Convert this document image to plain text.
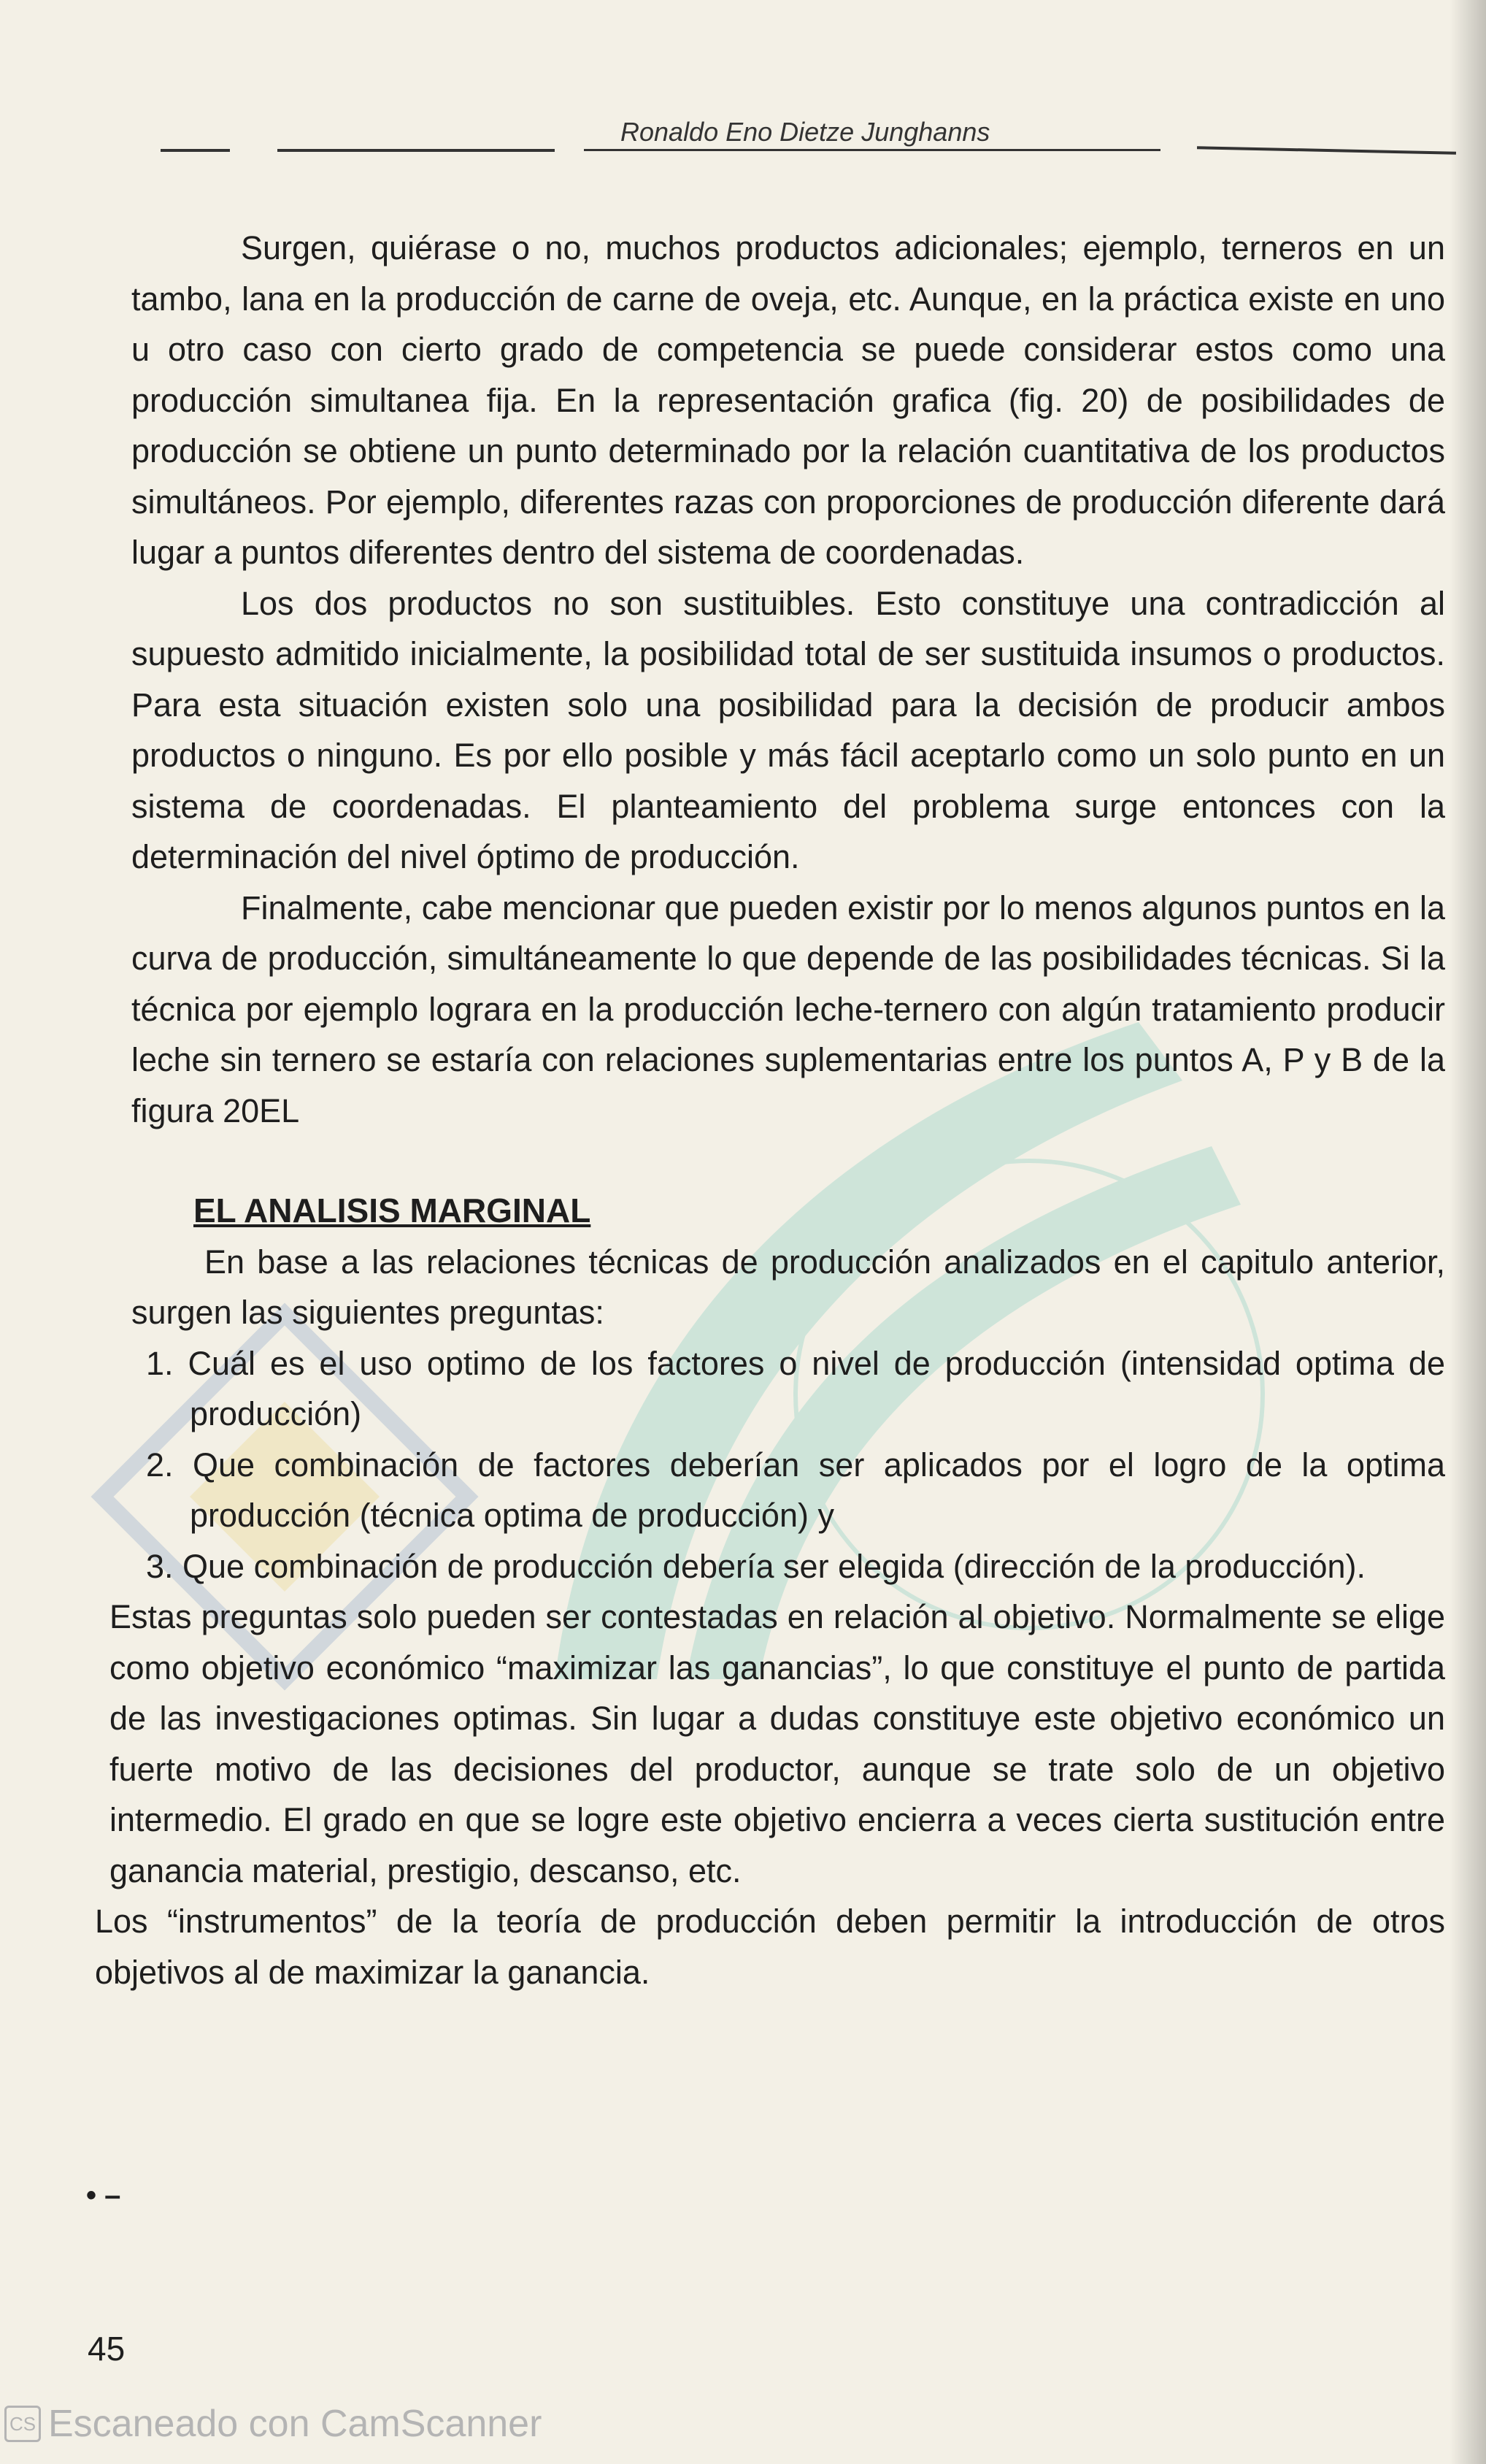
Ronaldo Eno Dietze Junghanns

Surgen, quiérase o no, muchos productos adicionales; ejemplo, terneros en un tambo, lana en la producción de carne de oveja, etc. Aunque, en la práctica existe en uno u otro caso con cierto grado de competencia se puede considerar estos como una producción simultanea fija. En la representación grafica (fig. 20) de posibilidades de producción se obtiene un punto determinado por la relación cuantitativa de los productos simultáneos. Por ejemplo, diferentes razas con proporciones de producción diferente dará lugar a puntos diferentes dentro del sistema de coordenadas.

Los dos productos no son sustituibles. Esto constituye una contradicción al supuesto admitido inicialmente, la posibilidad total de ser sustituida insumos o productos. Para esta situación existen solo una posibilidad para la decisión de producir ambos productos o ninguno. Es por ello posible y más fácil aceptarlo como un solo punto en un sistema de coordenadas. El planteamiento del problema surge entonces con la determinación del nivel óptimo de producción.

Finalmente, cabe mencionar que pueden existir por lo menos algunos puntos en la curva de producción, simultáneamente lo que depende de las posibilidades técnicas. Si la técnica por ejemplo lograra en la producción leche-ternero con algún tratamiento producir leche sin ternero se estaría con relaciones suplementarias entre los puntos A, P y B de la figura 20EL

EL ANALISIS MARGINAL

En base a las relaciones técnicas de producción analizados en el capitulo anterior, surgen las siguientes preguntas:

1. Cuál es el uso optimo de los factores o nivel de producción (intensidad optima de producción)
2. Que combinación de factores deberían ser aplicados por el logro de la optima producción (técnica optima de producción) y
3. Que combinación de producción debería ser elegida (dirección de la producción).

Estas preguntas solo pueden ser contestadas en relación al objetivo. Normalmente se elige como objetivo económico “maximizar las ganancias”, lo que constituye el punto de partida de las investigaciones optimas. Sin lugar a dudas constituye este objetivo económico un fuerte motivo de las decisiones del productor, aunque se trate solo de un objetivo intermedio. El grado en que se logre este objetivo encierra a veces cierta sustitución entre ganancia material, prestigio, descanso, etc.

Los “instrumentos” de la teoría de producción deben permitir la introducción de otros objetivos al de maximizar la ganancia.

• –
45
CS Escaneado con CamScanner
